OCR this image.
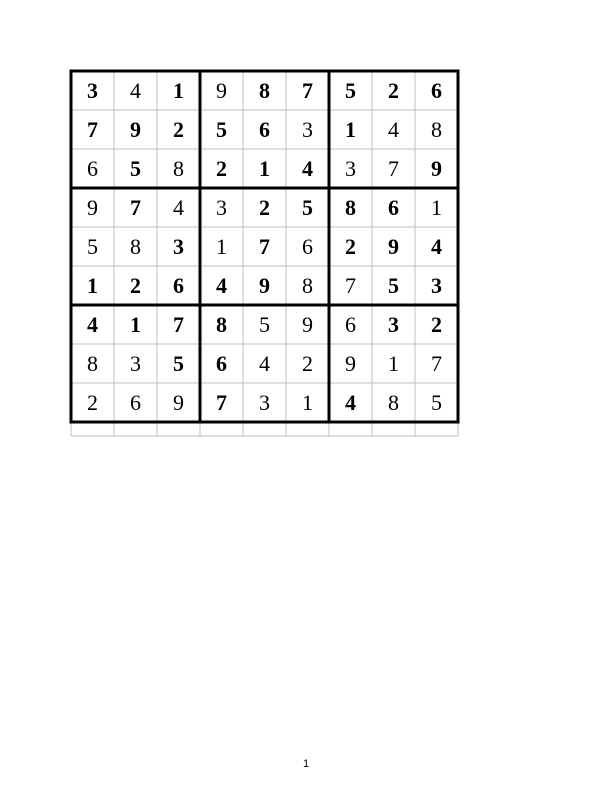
3	4	1	9	8	7	5	2	6
7	9	2	5	6	3	1	4	8
6	5	8	2	1	4	3	7	9
9	7	4	3	2	5	8	6	1
5	8	3	1	7	6	2	9	4
1	2	6	4	9	8	7	5	3
4	1	7	8	5	9	6	3	2
8	3	5	6	4	2	9	1	7
2	6	9	7	3	1	4	8	5
1
